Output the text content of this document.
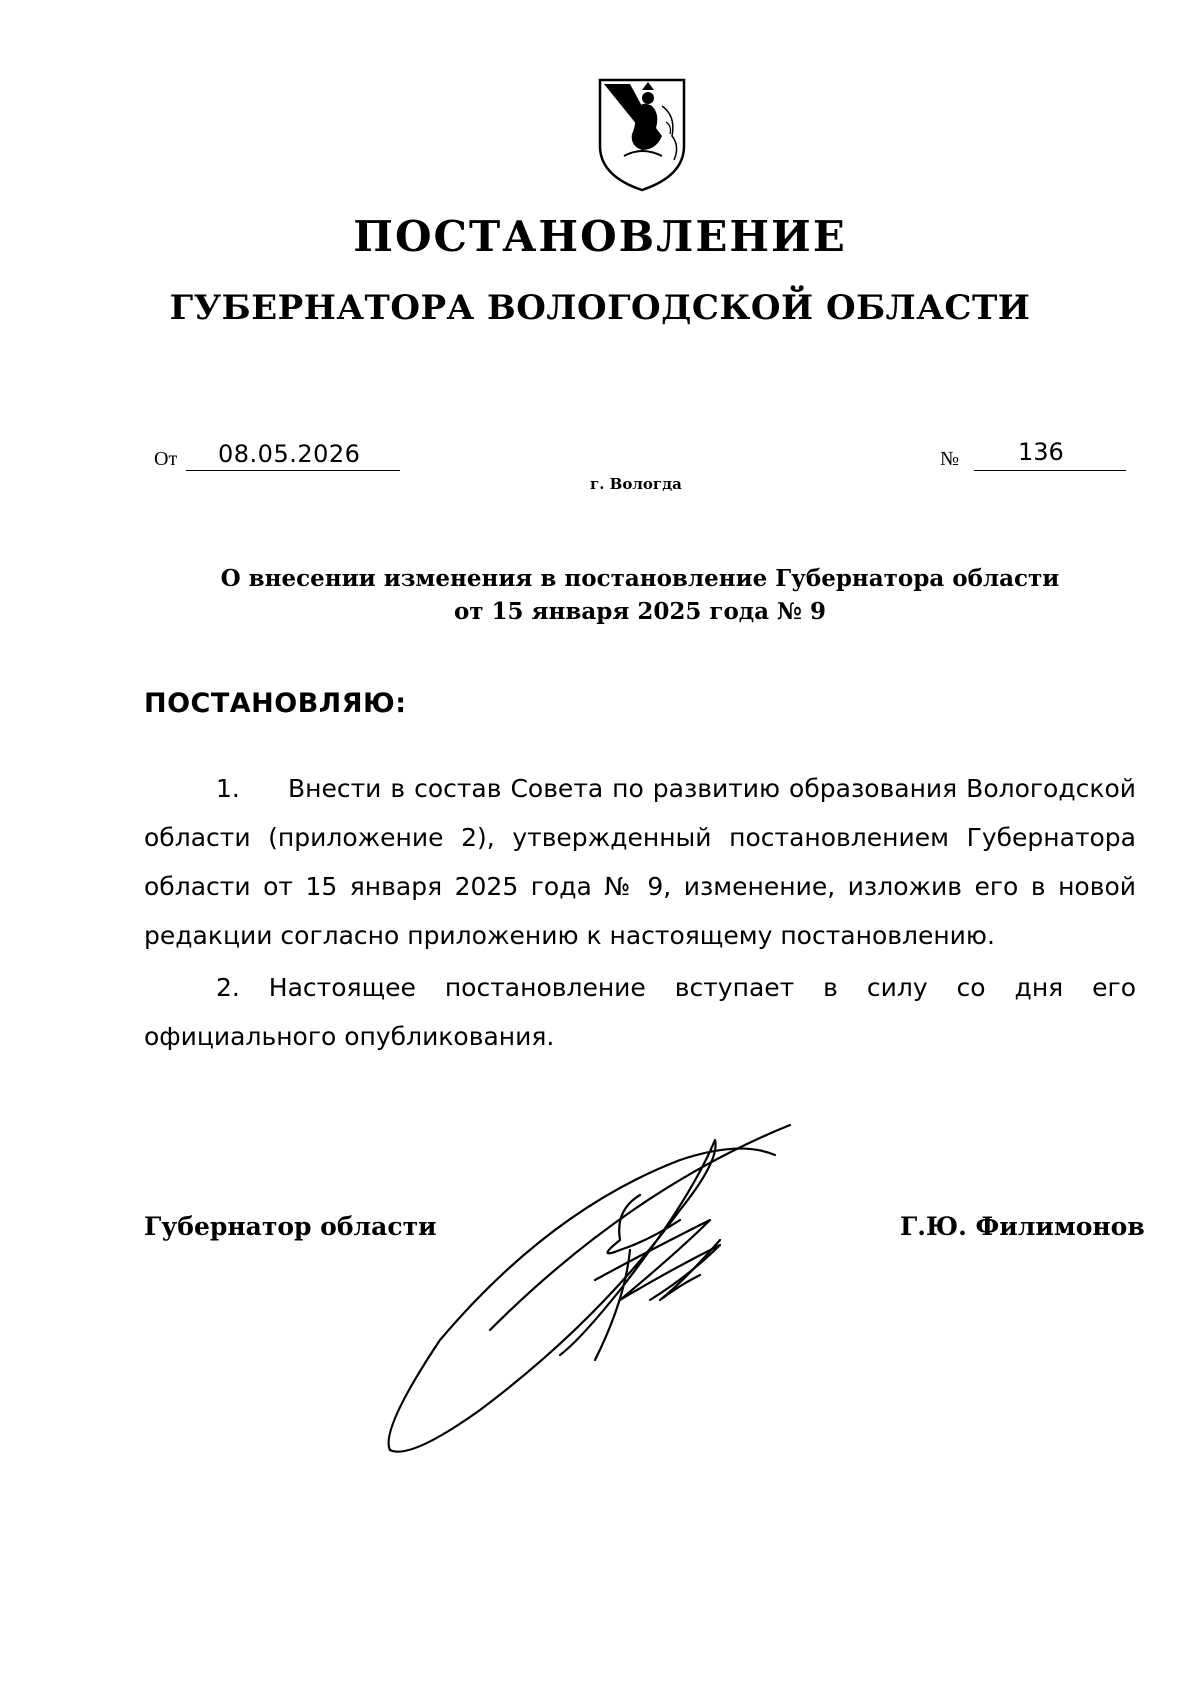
ПОСТАНОВЛЕНИЕ
ГУБЕРНАТОРА ВОЛОГОДСКОЙ ОБЛАСТИ
От 08.05.2026	№ 136
г. Вологда
О внесении изменения в постановление Губернатора области
от 15 января 2025 года № 9
ПОСТАНОВЛЯЮ:
1. Внести в состав Совета по развитию образования Вологодской области (приложение 2), утвержденный постановлением Губернатора области от 15 января 2025 года № 9, изменение, изложив его в новой редакции согласно приложению к настоящему постановлению.
2. Настоящее постановление вступает в силу со дня его официального опубликования.
Губернатор области	Г.Ю. Филимонов
